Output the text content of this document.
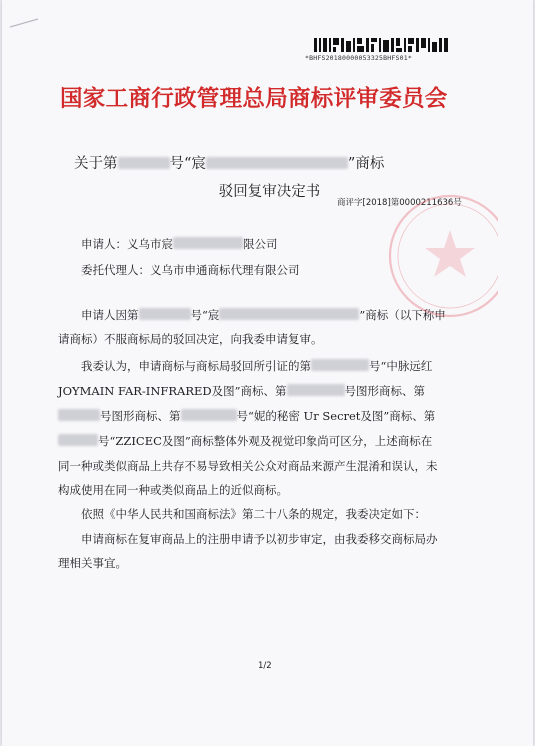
*BHFS20180000053325BHFS01*
国家工商行政管理总局商标评审委员会
关于第	号“宸	”商标
驳回复审决定书
商评字[2018]第0000211636号
申请人：义乌市宸	限公司
委托代理人：义乌市申通商标代理有限公司
申请人因第	号“宸	”商标（以下称申
请商标）不服商标局的驳回决定，向我委申请复审。
我委认为，申请商标与商标局驳回所引证的第	号“中脉远红
JOYMAIN FAR-INFRARED及图”商标、第	号图形商标、第
号图形商标、第	号“妮的秘密 Ur Secret及图”商标、第
号“ZZICEC及图”商标整体外观及视觉印象尚可区分，上述商标在
同一种或类似商品上共存不易导致相关公众对商品来源产生混淆和误认，未
构成使用在同一种或类似商品上的近似商标。
依照《中华人民共和国商标法》第二十八条的规定，我委决定如下：
申请商标在复审商品上的注册申请予以初步审定，由我委移交商标局办
理相关事宜。
1/2
